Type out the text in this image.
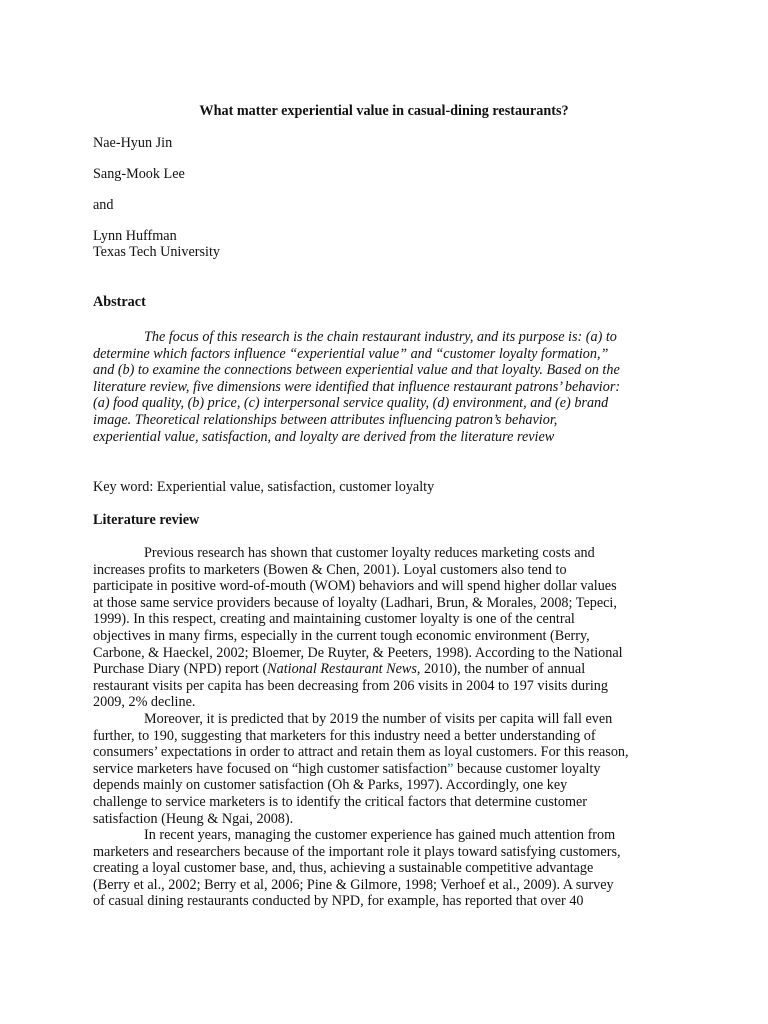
What matter experiential value in casual-dining restaurants?

Nae-Hyun Jin

Sang-Mook Lee

and

Lynn Huffman

Texas Tech University

Abstract

The focus of this research is the chain restaurant industry, and its purpose is: (a) to

determine which factors influence “experiential value” and “customer loyalty formation,”

and (b) to examine the connections between experiential value and that loyalty. Based on the

literature review, five dimensions were identified that influence restaurant patrons’ behavior:

(a) food quality, (b) price, (c) interpersonal service quality, (d) environment, and (e) brand

image. Theoretical relationships between attributes influencing patron’s behavior,

experiential value, satisfaction, and loyalty are derived from the literature review

Key word: Experiential value, satisfaction, customer loyalty

Literature review

Previous research has shown that customer loyalty reduces marketing costs and

increases profits to marketers (Bowen & Chen, 2001). Loyal customers also tend to

participate in positive word-of-mouth (WOM) behaviors and will spend higher dollar values

at those same service providers because of loyalty (Ladhari, Brun, & Morales, 2008; Tepeci,

1999). In this respect, creating and maintaining customer loyalty is one of the central

objectives in many firms, especially in the current tough economic environment (Berry,

Carbone, & Haeckel, 2002; Bloemer, De Ruyter, & Peeters, 1998). According to the National

Purchase Diary (NPD) report (National Restaurant News, 2010), the number of annual

restaurant visits per capita has been decreasing from 206 visits in 2004 to 197 visits during

2009, 2% decline.

Moreover, it is predicted that by 2019 the number of visits per capita will fall even

further, to 190, suggesting that marketers for this industry need a better understanding of

consumers’ expectations in order to attract and retain them as loyal customers. For this reason,

service marketers have focused on “high customer satisfaction” because customer loyalty

depends mainly on customer satisfaction (Oh & Parks, 1997). Accordingly, one key

challenge to service marketers is to identify the critical factors that determine customer

satisfaction (Heung & Ngai, 2008).

In recent years, managing the customer experience has gained much attention from

marketers and researchers because of the important role it plays toward satisfying customers,

creating a loyal customer base, and, thus, achieving a sustainable competitive advantage

(Berry et al., 2002; Berry et al, 2006; Pine & Gilmore, 1998; Verhoef et al., 2009). A survey

of casual dining restaurants conducted by NPD, for example, has reported that over 40
